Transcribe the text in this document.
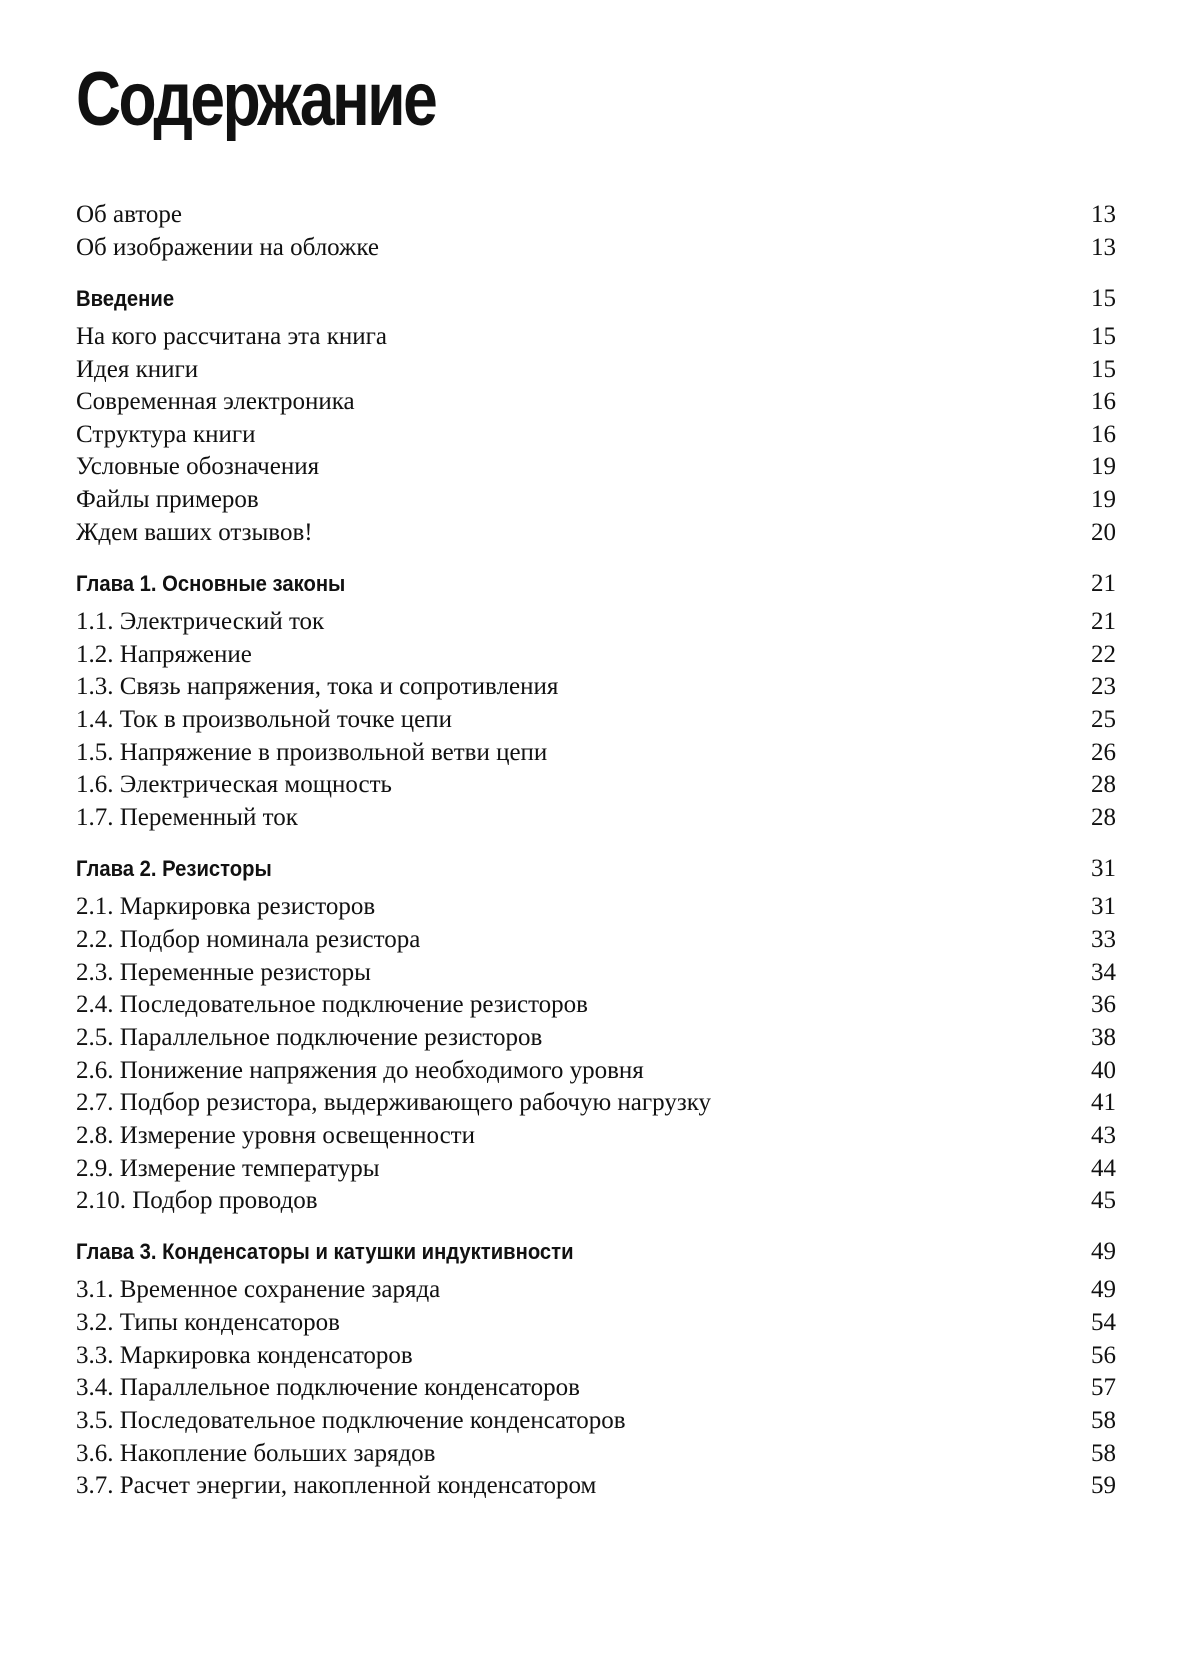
Содержание
Об авторе	13
Об изображении на обложке	13
Введение	15
На кого рассчитана эта книга	15
Идея книги	15
Современная электроника	16
Структура книги	16
Условные обозначения	19
Файлы примеров	19
Ждем ваших отзывов!	20
Глава 1. Основные законы	21
1.1. Электрический ток	21
1.2. Напряжение	22
1.3. Связь напряжения, тока и сопротивления	23
1.4. Ток в произвольной точке цепи	25
1.5. Напряжение в произвольной ветви цепи	26
1.6. Электрическая мощность	28
1.7. Переменный ток	28
Глава 2. Резисторы	31
2.1. Маркировка резисторов	31
2.2. Подбор номинала резистора	33
2.3. Переменные резисторы	34
2.4. Последовательное подключение резисторов	36
2.5. Параллельное подключение резисторов	38
2.6. Понижение напряжения до необходимого уровня	40
2.7. Подбор резистора, выдерживающего рабочую нагрузку	41
2.8. Измерение уровня освещенности	43
2.9. Измерение температуры	44
2.10. Подбор проводов	45
Глава 3. Конденсаторы и катушки индуктивности	49
3.1. Временное сохранение заряда	49
3.2. Типы конденсаторов	54
3.3. Маркировка конденсаторов	56
3.4. Параллельное подключение конденсаторов	57
3.5. Последовательное подключение конденсаторов	58
3.6. Накопление больших зарядов	58
3.7. Расчет энергии, накопленной конденсатором	59
